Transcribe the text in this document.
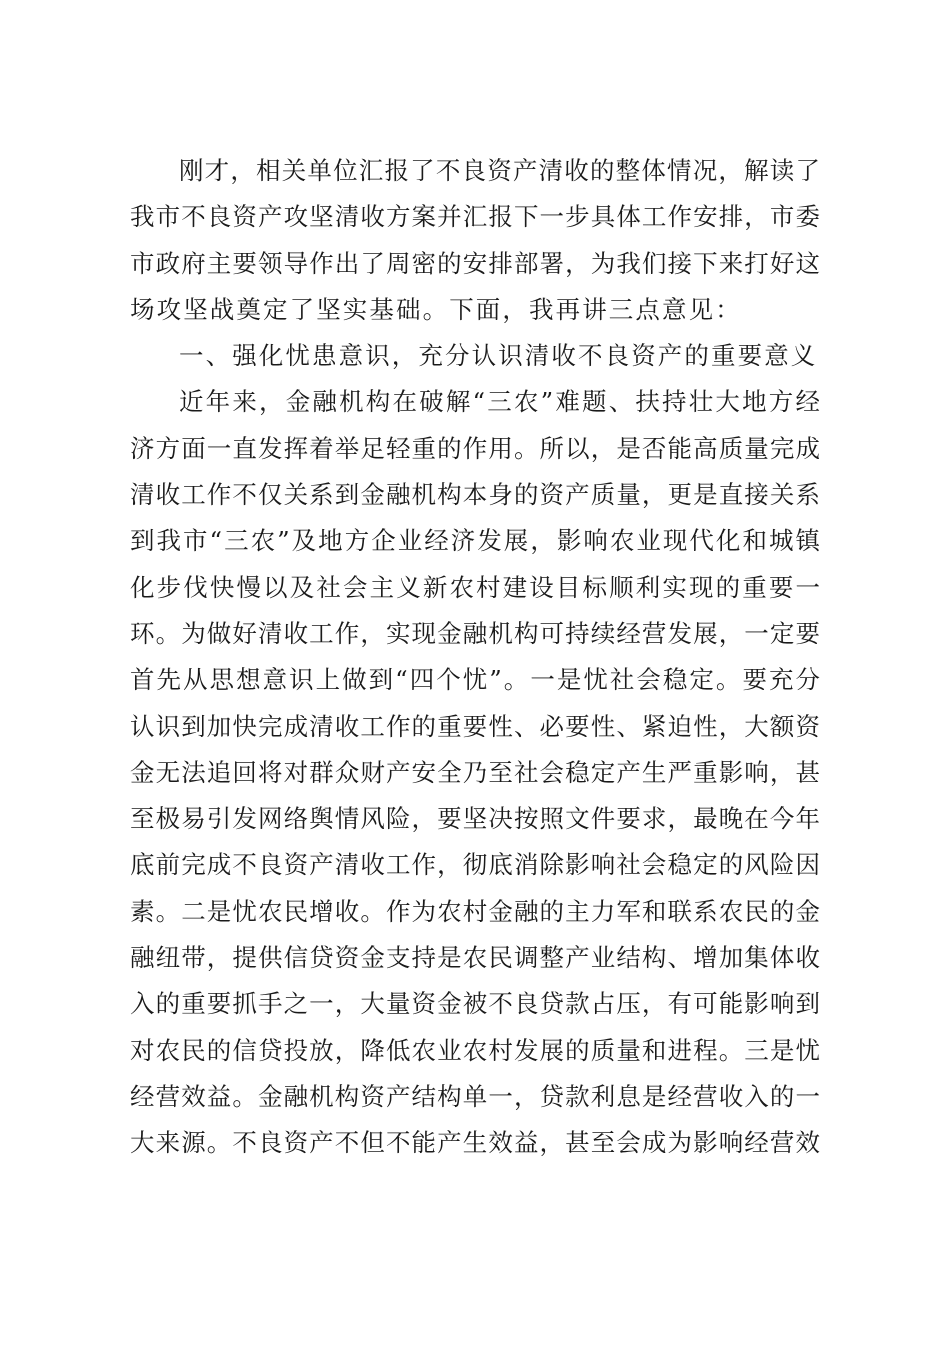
刚才，相关单位汇报了不良资产清收的整体情况，解读了
我市不良资产攻坚清收方案并汇报下一步具体工作安排，市委
市政府主要领导作出了周密的安排部署，为我们接下来打好这
场攻坚战奠定了坚实基础。下面，我再讲三点意见：
一、强化忧患意识，充分认识清收不良资产的重要意义
近年来，金融机构在破解“三农”难题、扶持壮大地方经
济方面一直发挥着举足轻重的作用。所以，是否能高质量完成
清收工作不仅关系到金融机构本身的资产质量，更是直接关系
到我市“三农”及地方企业经济发展，影响农业现代化和城镇
化步伐快慢以及社会主义新农村建设目标顺利实现的重要一
环。为做好清收工作，实现金融机构可持续经营发展，一定要
首先从思想意识上做到“四个忧”。一是忧社会稳定。要充分
认识到加快完成清收工作的重要性、必要性、紧迫性，大额资
金无法追回将对群众财产安全乃至社会稳定产生严重影响，甚
至极易引发网络舆情风险，要坚决按照文件要求，最晚在今年
底前完成不良资产清收工作，彻底消除影响社会稳定的风险因
素。二是忧农民增收。作为农村金融的主力军和联系农民的金
融纽带，提供信贷资金支持是农民调整产业结构、增加集体收
入的重要抓手之一，大量资金被不良贷款占压，有可能影响到
对农民的信贷投放，降低农业农村发展的质量和进程。三是忧
经营效益。金融机构资产结构单一，贷款利息是经营收入的一
大来源。不良资产不但不能产生效益，甚至会成为影响经营效
